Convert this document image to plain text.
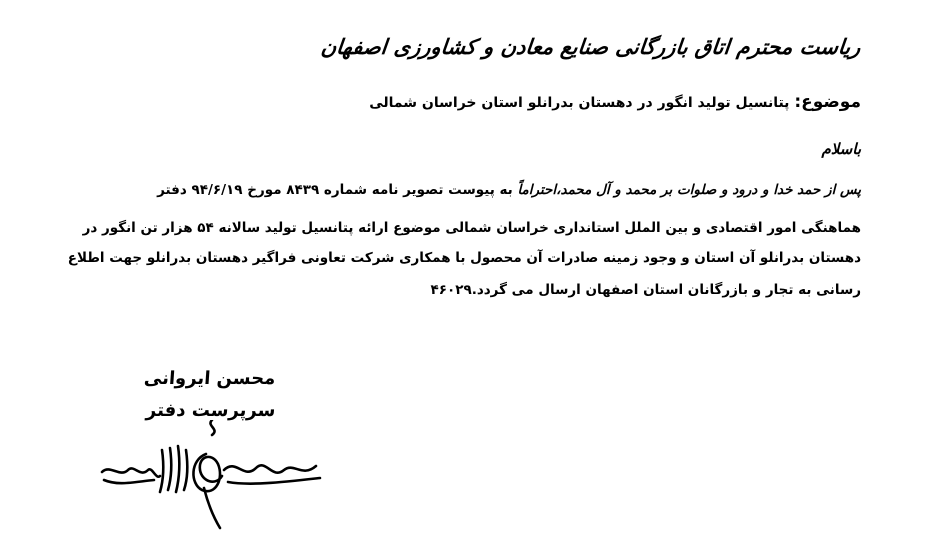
ریاست محترم اتاق بازرگانی صنایع معادن و کشاورزی اصفهان
موضوع: پتانسیل تولید انگور در دهستان بدرانلو استان خراسان شمالی
باسلام
پس از حمد خدا و درود و صلوات بر محمد و آل محمد،احتراماً به پیوست تصویر نامه شماره ۸۴۳۹ مورخ ۹۴/۶/۱۹ دفتر
هماهنگی امور اقتصادی و بین الملل استانداری خراسان شمالی موضوع ارائه پتانسیل تولید سالانه ۵۴ هزار تن انگور در
دهستان بدرانلو آن استان و وجود زمینه صادرات آن محصول با همکاری شرکت تعاونی فراگیر دهستان بدرانلو جهت اطلاع
رسانی به تجار و بازرگانان استان اصفهان ارسال می گردد.۴۶۰۲۹
محسن ایروانی
سرپرست دفتر
